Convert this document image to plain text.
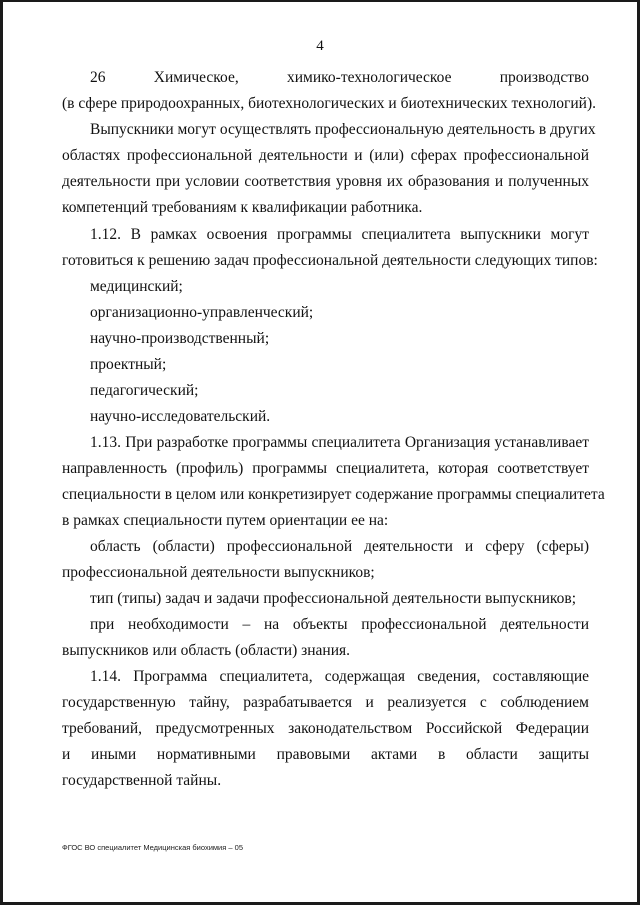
4
26 Химическое, химико-технологическое производство
(в сфере природоохранных, биотехнологических и биотехнических технологий).
Выпускники могут осуществлять профессиональную деятельность в других
областях профессиональной деятельности и (или) сферах профессиональной
деятельности при условии соответствия уровня их образования и полученных
компетенций требованиям к квалификации работника.
1.12. В рамках освоения программы специалитета выпускники могут
готовиться к решению задач профессиональной деятельности следующих типов:
медицинский;
организационно-управленческий;
научно-производственный;
проектный;
педагогический;
научно-исследовательский.
1.13. При разработке программы специалитета Организация устанавливает
направленность (профиль) программы специалитета, которая соответствует
специальности в целом или конкретизирует содержание программы специалитета
в рамках специальности путем ориентации ее на:
область (области) профессиональной деятельности и сферу (сферы)
профессиональной деятельности выпускников;
тип (типы) задач и задачи профессиональной деятельности выпускников;
при необходимости – на объекты профессиональной деятельности
выпускников или область (области) знания.
1.14. Программа специалитета, содержащая сведения, составляющие
государственную тайну, разрабатывается и реализуется с соблюдением
требований, предусмотренных законодательством Российской Федерации
и иными нормативными правовыми актами в области защиты
государственной тайны.
ФГОС ВО специалитет Медицинская биохимия – 05
